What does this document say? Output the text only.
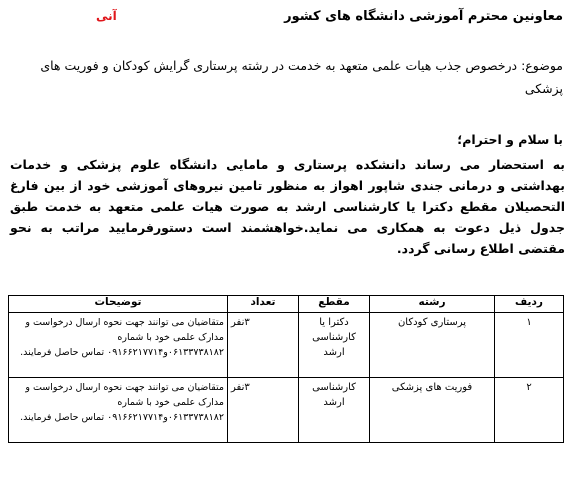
آنی	معاونین محترم آموزشی دانشگاه های کشور
موضوع: درخصوص جذب هیات علمی متعهد به خدمت در رشته پرستاری گرایش کودکان و فوریت های پزشکی
با سلام و احترام؛
به استحضار می رساند دانشکده پرستاری و مامایی دانشگاه علوم پزشکی و خدمات بهداشتی و درمانی جندی شاپور اهواز به منظور تامین نیروهای آموزشی خود از بین فارغ التحصیلان مقطع دکترا یا کارشناسی ارشد به صورت هیات علمی متعهد به خدمت طبق جدول ذیل دعوت به همکاری می نماید.خواهشمند است دستورفرمایید مراتب به نحو مقتضی اطلاع رسانی گردد.
ردیف	رشته	مقطع	تعداد	توضیحات
۱	پرستاری کودکان	دکترا یا کارشناسی ارشد	۳نفر	متقاضیان می توانند جهت نحوه ارسال درخواست و مدارک علمی خود با شماره ۰۶۱۳۳۷۳۸۱۸۲و۰۹۱۶۶۲۱۷۷۱۴ تماس حاصل فرمایند.
۲	فوریت های پزشکی	کارشناسی ارشد	۳نفر	متقاضیان می توانند جهت نحوه ارسال درخواست و مدارک علمی خود با شماره ۰۶۱۳۳۷۳۸۱۸۲و۰۹۱۶۶۲۱۷۷۱۴ تماس حاصل فرمایند.
